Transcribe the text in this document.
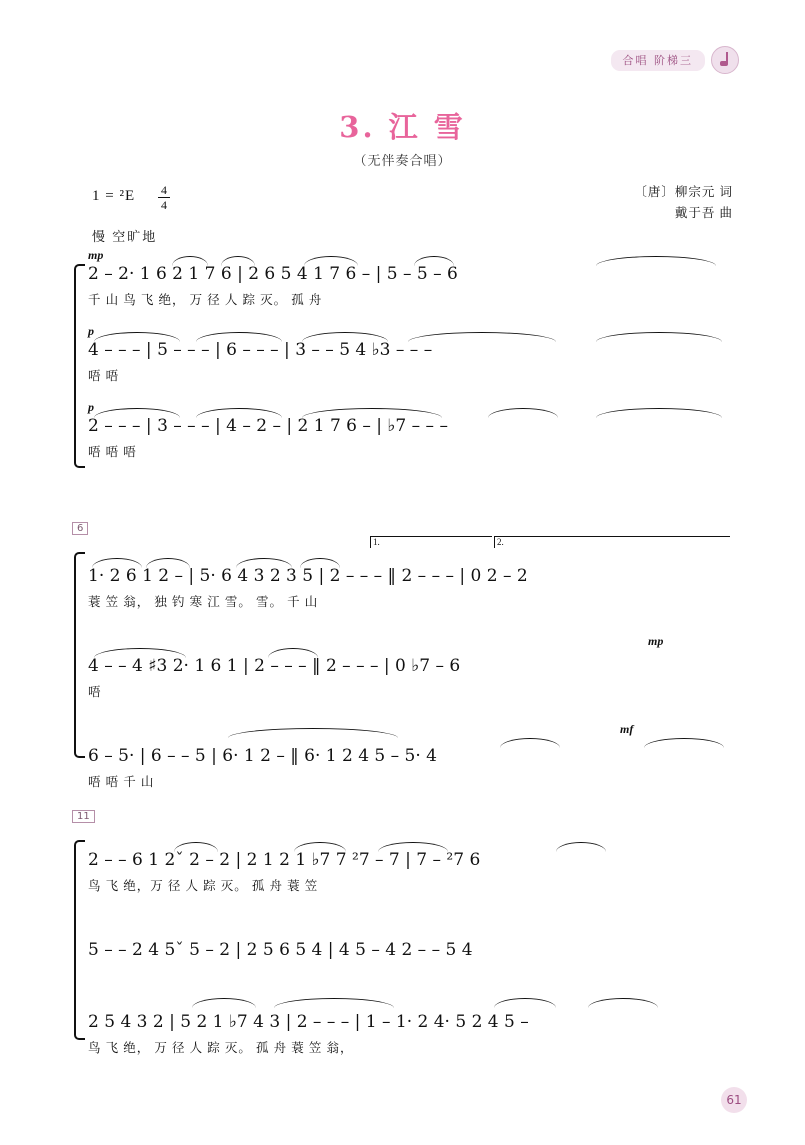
合唱 阶梯三
3. 江 雪
（无伴奏合唱）
1 = ²E 4
4
〔唐〕柳宗元 词
戴于吾 曲
慢 空旷地
mp
2 – 2· 1 6 2 1 7 6 | 2 6 5 4 1 7 6 – | 5 – 5 – 6
千 山 鸟 飞 绝， 万 径 人 踪 灭。 孤 舟
p
4 – – – | 5 – – – | 6 – – – | 3 – – 5 4 ♭3 – – –
唔 唔
p
2 – – – | 3 – – – | 4 – 2 – | 2 1 7 6 – | ♭7 – – –
唔 唔 唔
6
1.	2.
1· 2 6 1 2 – | 5· 6 4 3 2 3 5 | 2 – – – ‖ 2 – – – | 0 2 – 2
蓑 笠 翁， 独 钓 寒 江 雪。 雪。 千 山
mp
4 – – 4 ♯3 2· 1 6 1 | 2 – – – ‖ 2 – – – | 0 ♭7 – 6
唔
mf
6 – 5· | 6 – – 5 | 6· 1 2 – ‖ 6· 1 2 4 5 – 5· 4
唔 唔 千 山
11
2 – – 6 1 2ˇ 2 – 2 | 2 1 2 1 ♭7 7 ²7 – 7 | 7 – ²7 6
鸟 飞 绝，万 径 人 踪 灭。 孤 舟 蓑 笠
5 – – 2 4 5ˇ 5 – 2 | 2 5 6 5 4 | 4 5 – 4 2 – – 5 4
2 5 4 3 2 | 5 2 1 ♭7 4 3 | 2 – – – | 1 – 1· 2 4· 5 2 4 5 –
鸟 飞 绝， 万 径 人 踪 灭。 孤 舟 蓑 笠 翁，
61
